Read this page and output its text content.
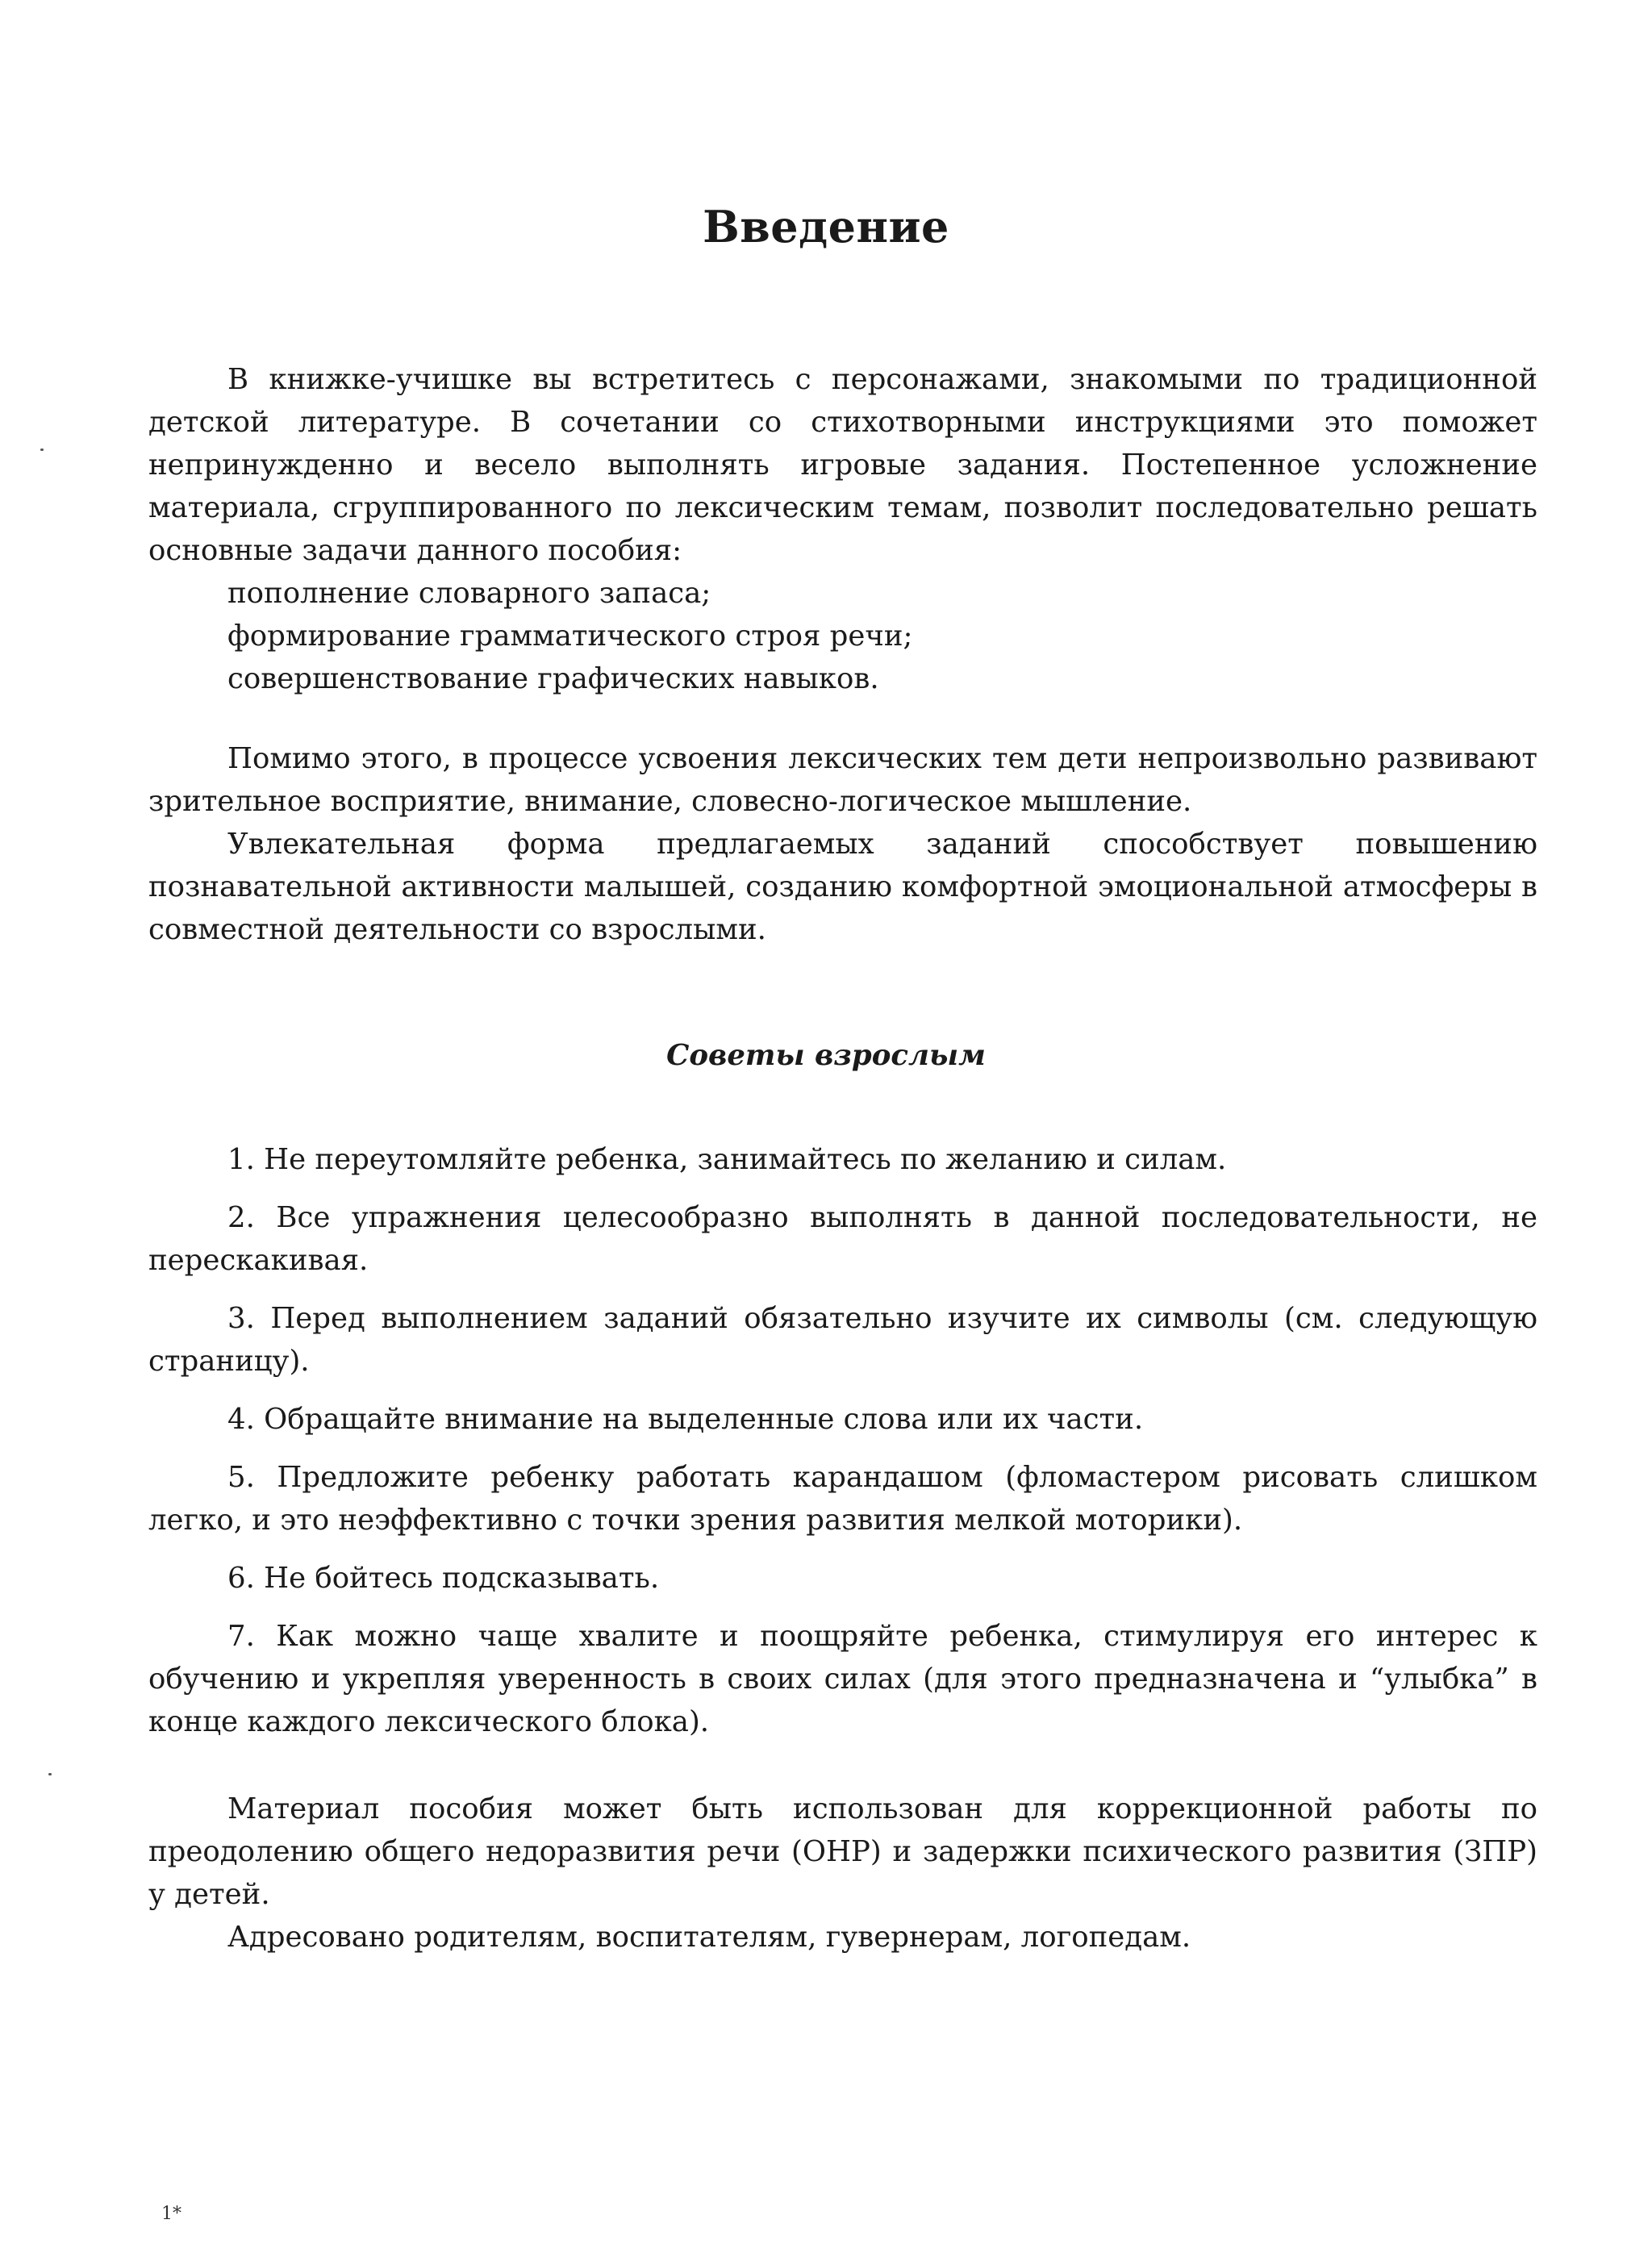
Введение

В книжке-учишке вы встретитесь с персонажами, знакомыми по традиционной детской литературе. В сочетании со стихотворными инструкциями это поможет непринужденно и весело выполнять игровые задания. Постепенное усложнение материала, сгруппированного по лексическим темам, позволит последовательно решать основные задачи данного пособия:

пополнение словарного запаса;
формирование грамматического строя речи;
совершенствование графических навыков.

Помимо этого, в процессе усвоения лексических тем дети непроизвольно развивают зрительное восприятие, внимание, словесно-логическое мышление.

Увлекательная форма предлагаемых заданий способствует повышению познавательной активности малышей, созданию комфортной эмоциональной атмосферы в совместной деятельности со взрослыми.

Советы взрослым

1. Не переутомляйте ребенка, занимайтесь по желанию и силам.

2. Все упражнения целесообразно выполнять в данной последовательности, не перескакивая.

3. Перед выполнением заданий обязательно изучите их символы (см. следующую страницу).

4. Обращайте внимание на выделенные слова или их части.

5. Предложите ребенку работать карандашом (фломастером рисовать слишком легко, и это неэффективно с точки зрения развития мелкой моторики).

6. Не бойтесь подсказывать.

7. Как можно чаще хвалите и поощряйте ребенка, стимулируя его интерес к обучению и укрепляя уверенность в своих силах (для этого предназначена и “улыбка” в конце каждого лексического блока).

Материал пособия может быть использован для коррекционной работы по преодолению общего недоразвития речи (ОНР) и задержки психического развития (ЗПР) у детей.

Адресовано родителям, воспитателям, гувернерам, логопедам.

1*
